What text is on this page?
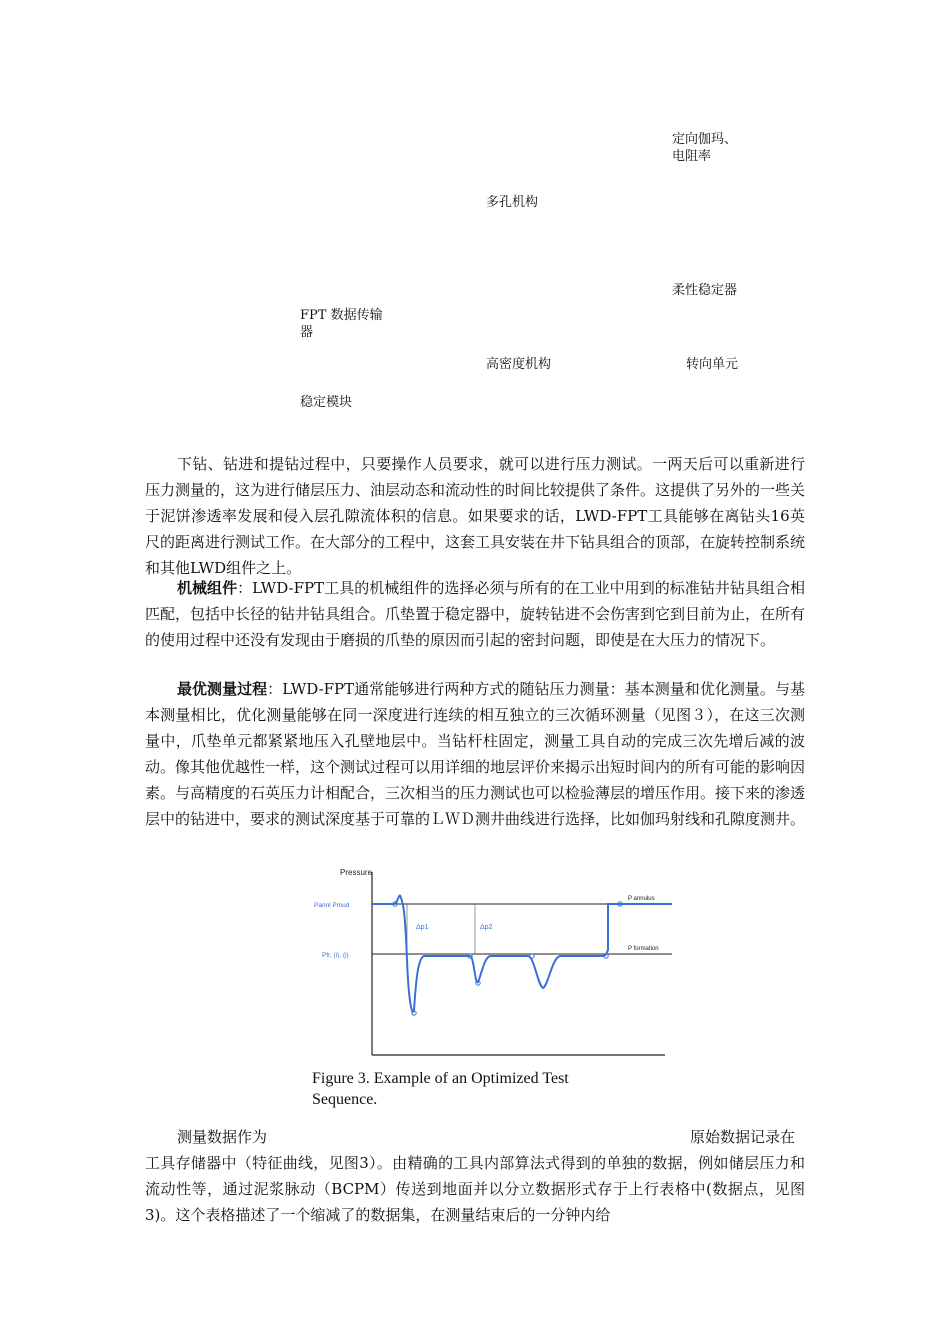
定向伽玛、
电阻率
多孔机构
柔性稳定器
FPT 数据传输
器
高密度机构	转向单元
稳定模块

下钻、钻进和提钻过程中，只要操作人员要求，就可以进行压力测试。一两天后可以重新进行压力测量的，这为进行储层压力、油层动态和流动性的时间比较提供了条件。这提供了另外的一些关于泥饼渗透率发展和侵入层孔隙流体积的信息。如果要求的话，LWD-FPT工具能够在离钻头16英尺的距离进行测试工作。在大部分的工程中，这套工具安装在井下钻具组合的顶部，在旋转控制系统和其他LWD组件之上。

机械组件：LWD-FPT工具的机械组件的选择必须与所有的在工业中用到的标准钻井钻具组合相匹配，包括中长径的钻井钻具组合。爪垫置于稳定器中，旋转钻进不会伤害到它到目前为止，在所有的使用过程中还没有发现由于磨损的爪垫的原因而引起的密封问题，即使是在大压力的情况下。

最优测量过程：LWD-FPT通常能够进行两种方式的随钻压力测量：基本测量和优化测量。与基本测量相比，优化测量能够在同一深度进行连续的相互独立的三次循环测量（见图３），在这三次测量中，爪垫单元都紧紧地压入孔壁地层中。当钻杆柱固定，测量工具自动的完成三次先增后减的波动。像其他优越性一样，这个测试过程可以用详细的地层评价来揭示出短时间内的所有可能的影响因素。与高精度的石英压力计相配合，三次相当的压力测试也可以检验薄层的增压作用。接下来的渗透层中的钻进中，要求的测试深度基于可靠的ＬＷＤ测井曲线进行选择，比如伽玛射线和孔隙度测井。

Pressure
Pannl Pmud
Pfr, (i), (i)
P annulus
P formation
Δp1	Δp2
Figure 3. Example of an Optimized Test
Sequence.
测量数据作为	原始数据记录在

工具存储器中（特征曲线，见图3）。由精确的工具内部算法式得到的单独的数据，例如储层压力和流动性等，通过泥浆脉动（BCPM）传送到地面并以分立数据形式存于上行表格中(数据点，见图3)。这个表格描述了一个缩减了的数据集，在测量结束后的一分钟内给
